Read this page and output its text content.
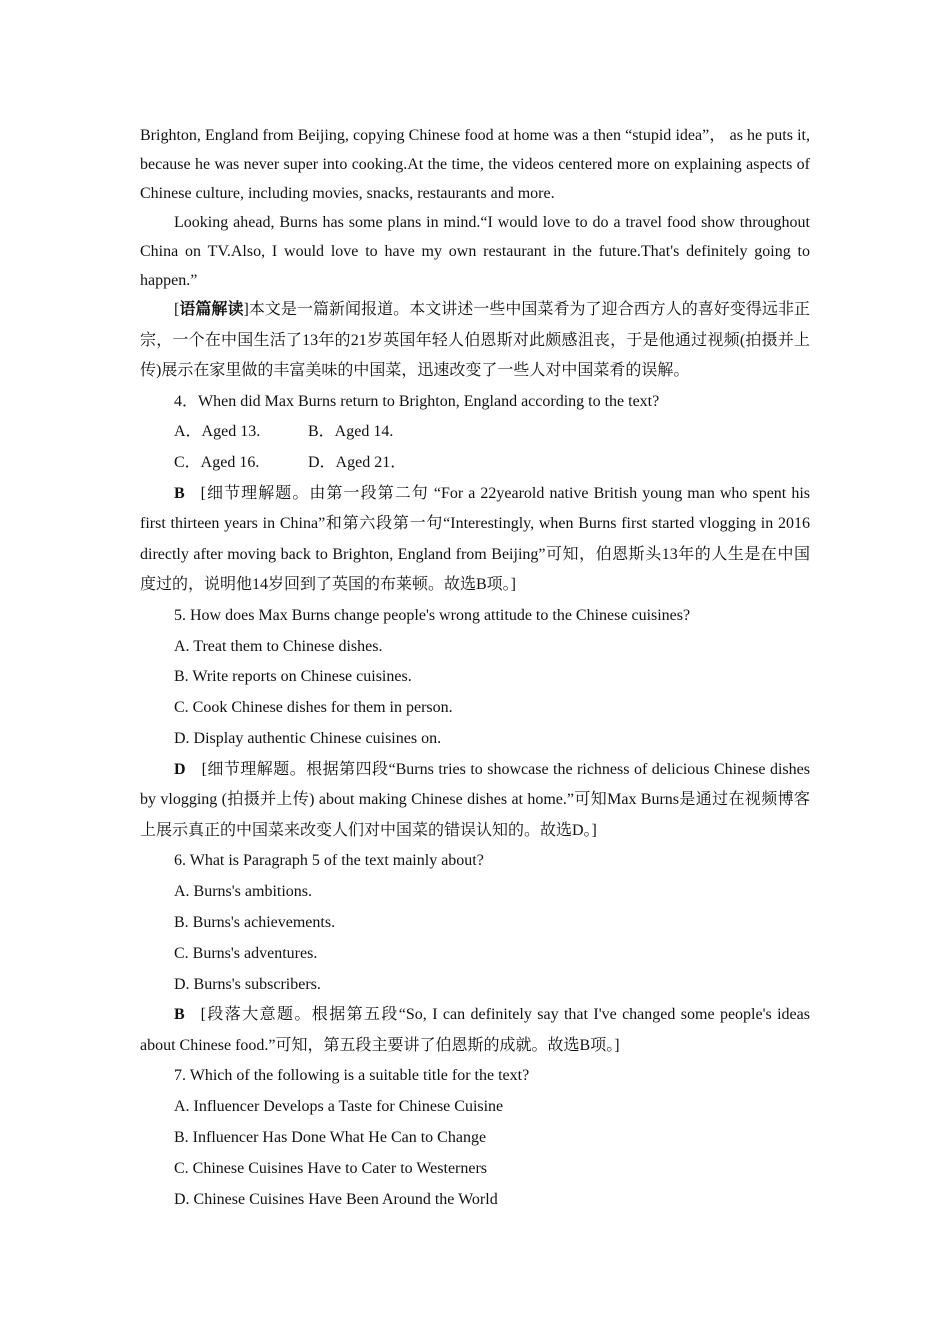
Brighton, England from Beijing, copying Chinese food at home was a then “stupid idea”， as he puts it, because he was never super into cooking.At the time, the videos centered more on explaining aspects of Chinese culture, including movies, snacks, restaurants and more.

Looking ahead, Burns has some plans in mind.“I would love to do a travel food show throughout China on TV.Also, I would love to have my own restaurant in the future.That's definitely going to happen.”

[语篇解读]本文是一篇新闻报道。本文讲述一些中国菜肴为了迎合西方人的喜好变得远非正宗，一个在中国生活了13年的21岁英国年轻人伯恩斯对此颇感沮丧，于是他通过视频(拍摄并上传)展示在家里做的丰富美味的中国菜，迅速改变了一些人对中国菜肴的误解。

4．When did Max Burns return to Brighton, England according to the text?

A．Aged 13.	B．Aged 14.

C．Aged 16.	D．Aged 21．

B [细节理解题。由第一段第二句 “For a 22yearold native British young man who spent his first thirteen years in China”和第六段第一句“Interestingly, when Burns first started vlogging in 2016 directly after moving back to Brighton, England from Beijing”可知，伯恩斯头13年的人生是在中国度过的，说明他14岁回到了英国的布莱顿。故选B项。]

5. How does Max Burns change people's wrong attitude to the Chinese cuisines?

A. Treat them to Chinese dishes.

B. Write reports on Chinese cuisines.

C. Cook Chinese dishes for them in person.

D. Display authentic Chinese cuisines on.

D [细节理解题。根据第四段“Burns tries to showcase the richness of delicious Chinese dishes by vlogging (拍摄并上传) about making Chinese dishes at home.”可知Max Burns是通过在视频博客上展示真正的中国菜来改变人们对中国菜的错误认知的。故选D。]

6. What is Paragraph 5 of the text mainly about?

A. Burns's ambitions.

B. Burns's achievements.

C. Burns's adventures.

D. Burns's subscribers.

B [段落大意题。根据第五段“So, I can definitely say that I've changed some people's ideas about Chinese food.”可知，第五段主要讲了伯恩斯的成就。故选B项。]

7. Which of the following is a suitable title for the text?

A. Influencer Develops a Taste for Chinese Cuisine

B. Influencer Has Done What He Can to Change

C. Chinese Cuisines Have to Cater to Westerners

D. Chinese Cuisines Have Been Around the World
